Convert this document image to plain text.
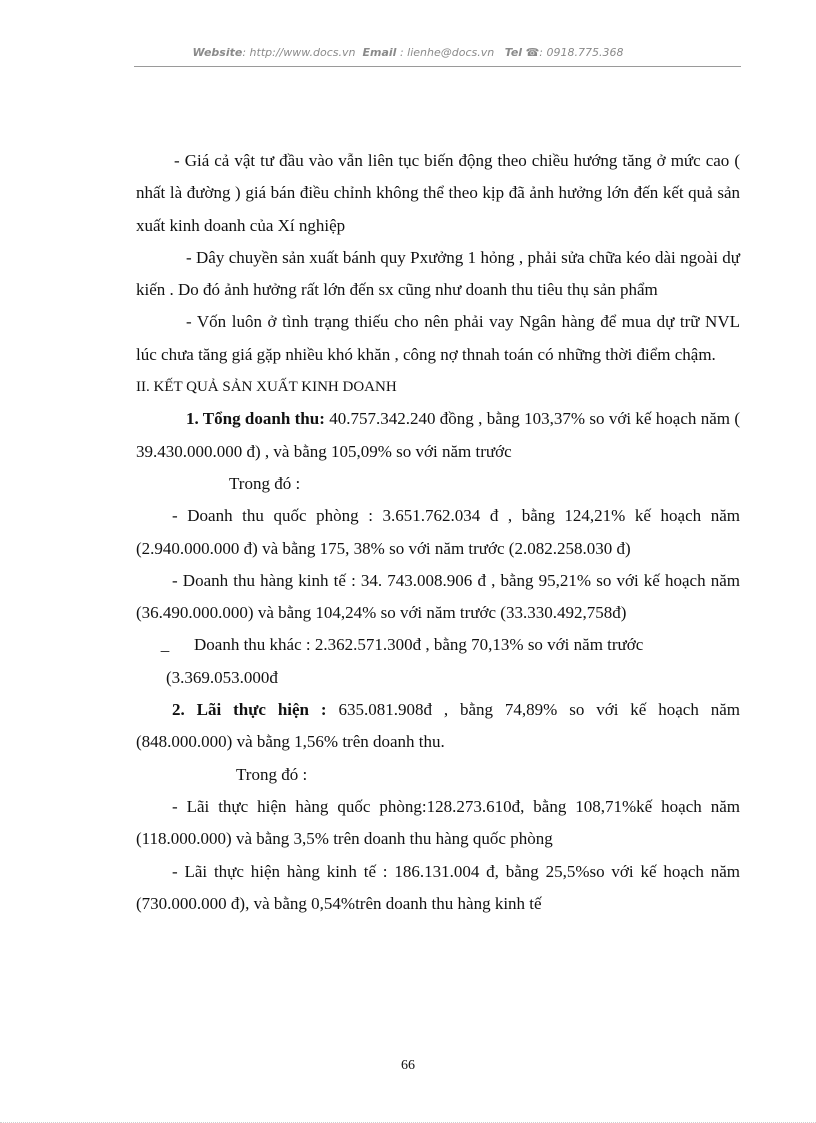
Website: http://www.docs.vn Email : lienhe@docs.vn Tel ☎: 0918.775.368

- Giá cả vật tư đầu vào vẫn liên tục biến động theo chiều hướng tăng ở mức cao ( nhất là đường ) giá bán điều chỉnh không thể theo kịp đã ảnh hưởng lớn đến kết quả sản xuất kinh doanh của Xí nghiệp

- Dây chuyền sản xuất bánh quy Pxưởng 1 hỏng , phải sửa chữa kéo dài ngoài dự kiến . Do đó ảnh hưởng rất lớn đến sx cũng như doanh thu tiêu thụ sản phẩm

- Vốn luôn ở tình trạng thiếu cho nên phải vay Ngân hàng để mua dự trữ NVL lúc chưa tăng giá gặp nhiều khó khăn , công nợ thnah toán có những thời điểm chậm.

II. KẾT QUẢ SẢN XUẤT KINH DOANH

1. Tổng doanh thu: 40.757.342.240 đồng , bằng 103,37% so với kế hoạch năm ( 39.430.000.000 đ) , và bằng 105,09% so với năm trước

Trong đó :

- Doanh thu quốc phòng : 3.651.762.034 đ , bằng 124,21% kế hoạch năm (2.940.000.000 đ) và bằng 175, 38% so với năm trước (2.082.258.030 đ)

- Doanh thu hàng kinh tế : 34. 743.008.906 đ , bằng 95,21% so với kế hoạch năm (36.490.000.000) và bằng 104,24% so với năm trước (33.330.492,758đ)

_	Doanh thu khác : 2.362.571.300đ , bằng 70,13% so với năm trước

(3.369.053.000đ

2. Lãi thực hiện : 635.081.908đ , bằng 74,89% so với kế hoạch năm (848.000.000) và bằng 1,56% trên doanh thu.

Trong đó :

- Lãi thực hiện hàng quốc phòng:128.273.610đ, bằng 108,71%kế hoạch năm (118.000.000) và bằng 3,5% trên doanh thu hàng quốc phòng

- Lãi thực hiện hàng kinh tế : 186.131.004 đ, bằng 25,5%so với kế hoạch năm (730.000.000 đ), và bằng 0,54%trên doanh thu hàng kinh tế

66
